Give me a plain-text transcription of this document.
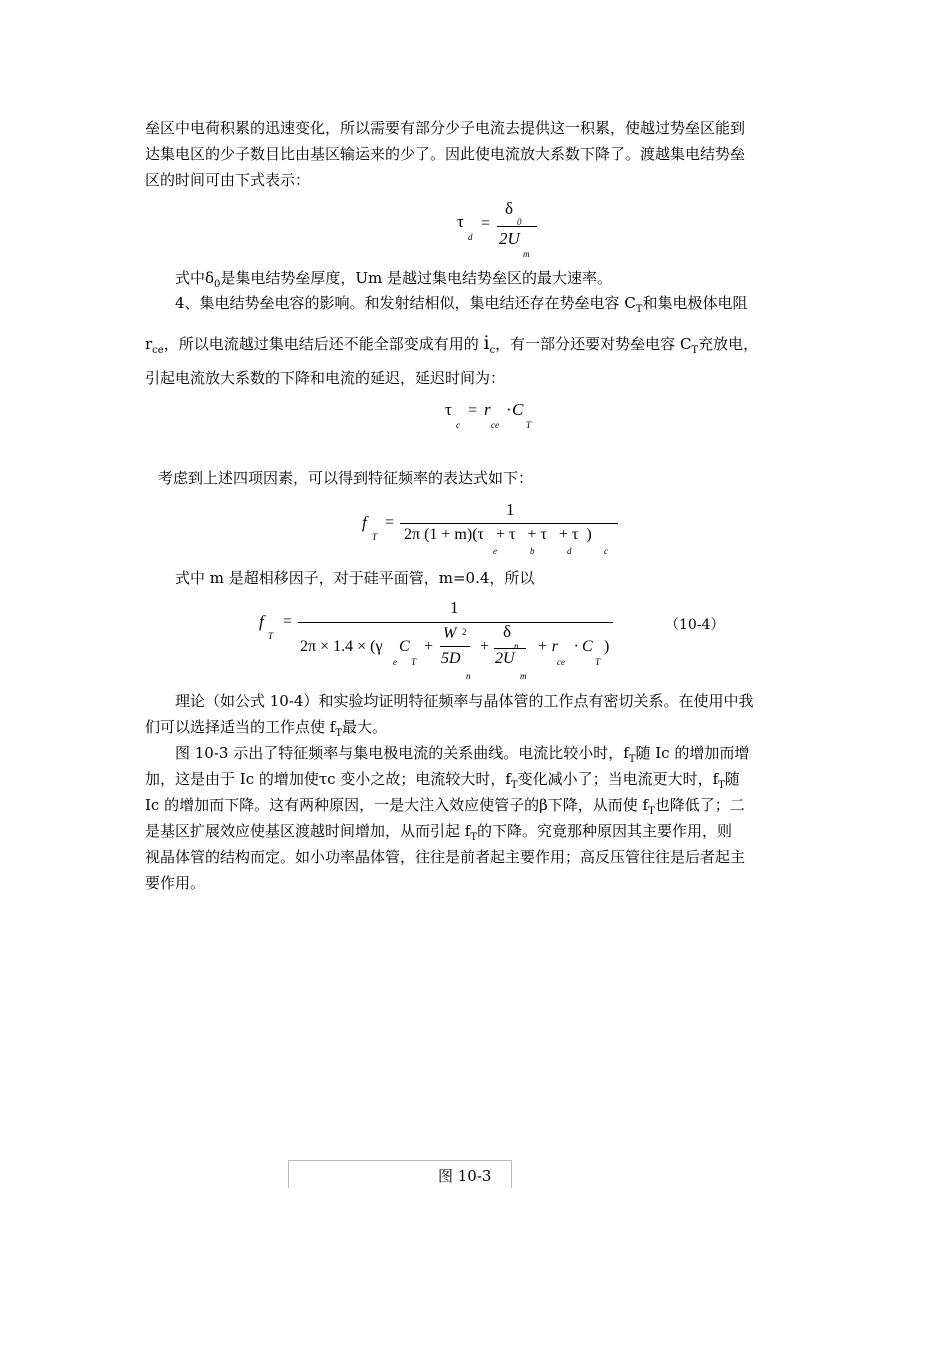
垒区中电荷积累的迅速变化，所以需要有部分少子电流去提供这一积累，使越过势垒区能到
达集电区的少子数目比由基区输运来的少了。因此使电流放大系数下降了。渡越集电结势垒
区的时间可由下式表示：
τ
d
=
δ
0
2U
m
式中$\delta_0$是集电结势垒厚度，Um 是越过集电结势垒区的最大速率。
4、集电结势垒电容的影响。和发射结相似，集电结还存在势垒电容 $C_T$和集电极体电阻
$r_{ce}$，所以电流越过集电结后还不能全部变成有用的 $i_c$，有一部分还要对势垒电容 $C_T$充放电，
引起电流放大系数的下降和电流的延迟，延迟时间为：
τ
c
= r
ce
· C
T
考虑到上述四项因素，可以得到特征频率的表达式如下：
f
T
=
1
2π (1 + m)(τ   + τ   + τ   + τ  )
e	b	d	c
式中 m 是超相移因子，对于硅平面管，m=0.4，所以
f
T
=
1
2π × 1.4 × (γ
e
C
T
+
W 2
5D
n
+
δ
n
2U
m
+ r
ce
· C
T
)
（10-4）
理论（如公式 10-4）和实验均证明特征频率与晶体管的工作点有密切关系。在使用中我
们可以选择适当的工作点使 $f_T$最大。
图 10-3 示出了特征频率与集电极电流的关系曲线。电流比较小时，$f_T$随 Ic 的增加而增
加，这是由于 Ic 的增加使τc 变小之故；电流较大时，$f_T$变化减小了；当电流更大时，$f_T$随
Ic 的增加而下降。这有两种原因，一是大注入效应使管子的β下降，从而使 $f_T$也降低了；二
是基区扩展效应使基区渡越时间增加，从而引起 $f_T$的下降。究竟那种原因其主要作用，则
视晶体管的结构而定。如小功率晶体管，往往是前者起主要作用；高反压管往往是后者起主
要作用。
图 10-3
